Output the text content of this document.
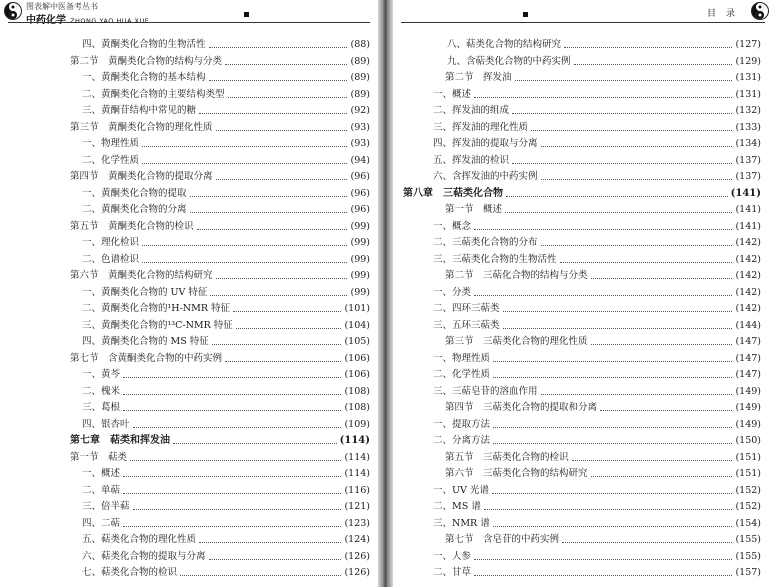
图表解中医备考丛书
中药化学 ZHONG YAO HUA XUE
四、黄酮类化合物的生物活性	(88)
第二节　黄酮类化合物的结构与分类	(89)
一、黄酮类化合物的基本结构	(89)
二、黄酮类化合物的主要结构类型	(89)
三、黄酮苷结构中常见的糖	(92)
第三节　黄酮类化合物的理化性质	(93)
一、物理性质	(93)
二、化学性质	(94)
第四节　黄酮类化合物的提取分离	(96)
一、黄酮类化合物的提取	(96)
二、黄酮类化合物的分离	(96)
第五节　黄酮类化合物的检识	(99)
一、理化检识	(99)
二、色谱检识	(99)
第六节　黄酮类化合物的结构研究	(99)
一、黄酮类化合物的 UV 特征	(99)
二、黄酮类化合物的¹H-NMR 特征	(101)
三、黄酮类化合物的¹³C-NMR 特征	(104)
四、黄酮类化合物的 MS 特征	(105)
第七节　含黄酮类化合物的中药实例	(106)
一、黄芩	(106)
二、槐米	(108)
三、葛根	(108)
四、银杏叶	(109)
第七章　萜类和挥发油	(114)
第一节　萜类	(114)
一、概述	(114)
二、单萜	(116)
三、倍半萜	(121)
四、二萜	(123)
五、萜类化合物的理化性质	(124)
六、萜类化合物的提取与分离	(126)
七、萜类化合物的检识	(126)
目录
八、萜类化合物的结构研究	(127)
九、含萜类化合物的中药实例	(129)
第二节　挥发油	(131)
一、概述	(131)
二、挥发油的组成	(132)
三、挥发油的理化性质	(133)
四、挥发油的提取与分离	(134)
五、挥发油的检识	(137)
六、含挥发油的中药实例	(137)
第八章　三萜类化合物	(141)
第一节　概述	(141)
一、概念	(141)
二、三萜类化合物的分布	(142)
三、三萜类化合物的生物活性	(142)
第二节　三萜化合物的结构与分类	(142)
一、分类	(142)
二、四环三萜类	(142)
三、五环三萜类	(144)
第三节　三萜类化合物的理化性质	(147)
一、物理性质	(147)
二、化学性质	(147)
三、三萜皂苷的溶血作用	(149)
第四节　三萜类化合物的提取和分离	(149)
一、提取方法	(149)
二、分离方法	(150)
第五节　三萜类化合物的检识	(151)
第六节　三萜类化合物的结构研究	(151)
一、UV 光谱	(152)
二、MS 谱	(152)
三、NMR 谱	(154)
第七节　含皂苷的中药实例	(155)
一、人参	(155)
二、甘草	(157)
